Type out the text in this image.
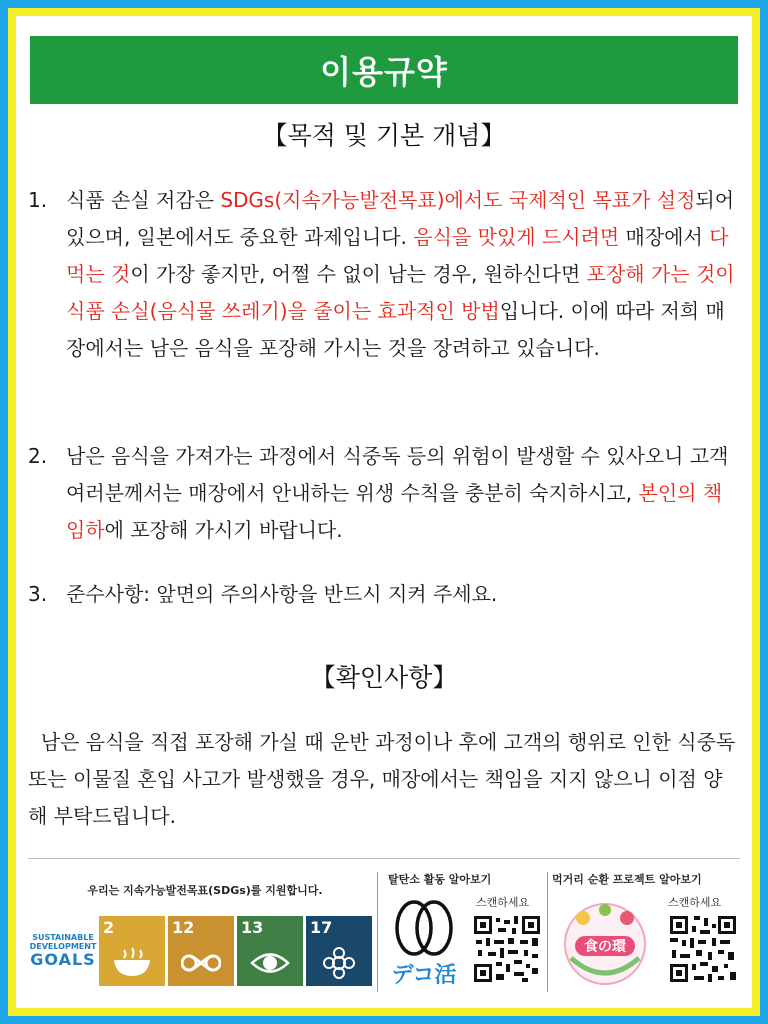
이용규약
【목적 및 기본 개념】
1. 식품 손실 저감은 SDGs(지속가능발전목표)에서도 국제적인 목표가 설정되어 있으며, 일본에서도 중요한 과제입니다. 음식을 맛있게 드시려면 매장에서 다 먹는 것이 가장 좋지만, 어쩔 수 없이 남는 경우, 원하신다면 포장해 가는 것이 식품 손실(음식물 쓰레기)을 줄이는 효과적인 방법입니다. 이에 따라 저희 매장에서는 남은 음식을 포장해 가시는 것을 장려하고 있습니다.
2. 남은 음식을 가져가는 과정에서 식중독 등의 위험이 발생할 수 있사오니 고객 여러분께서는 매장에서 안내하는 위생 수칙을 충분히 숙지하시고, 본인의 책임하에 포장해 가시기 바랍니다.
3. 준수사항: 앞면의 주의사항을 반드시 지켜 주세요.
【확인사항】
남은 음식을 직접 포장해 가실 때 운반 과정이나 후에 고객의 행위로 인한 식중독 또는 이물질 혼입 사고가 발생했을 경우, 매장에서는 책임을 지지 않으니 이점 양해 부탁드립니다.
우리는 지속가능발전목표(SDGs)를 지원합니다.
SUSTAINABLE
DEVELOPMENT
GOALS
2	12	13	17
탈탄소 활동 알아보기
デコ活
스캔하세요
먹거리 순환 프로젝트 알아보기
食の環
스캔하세요
